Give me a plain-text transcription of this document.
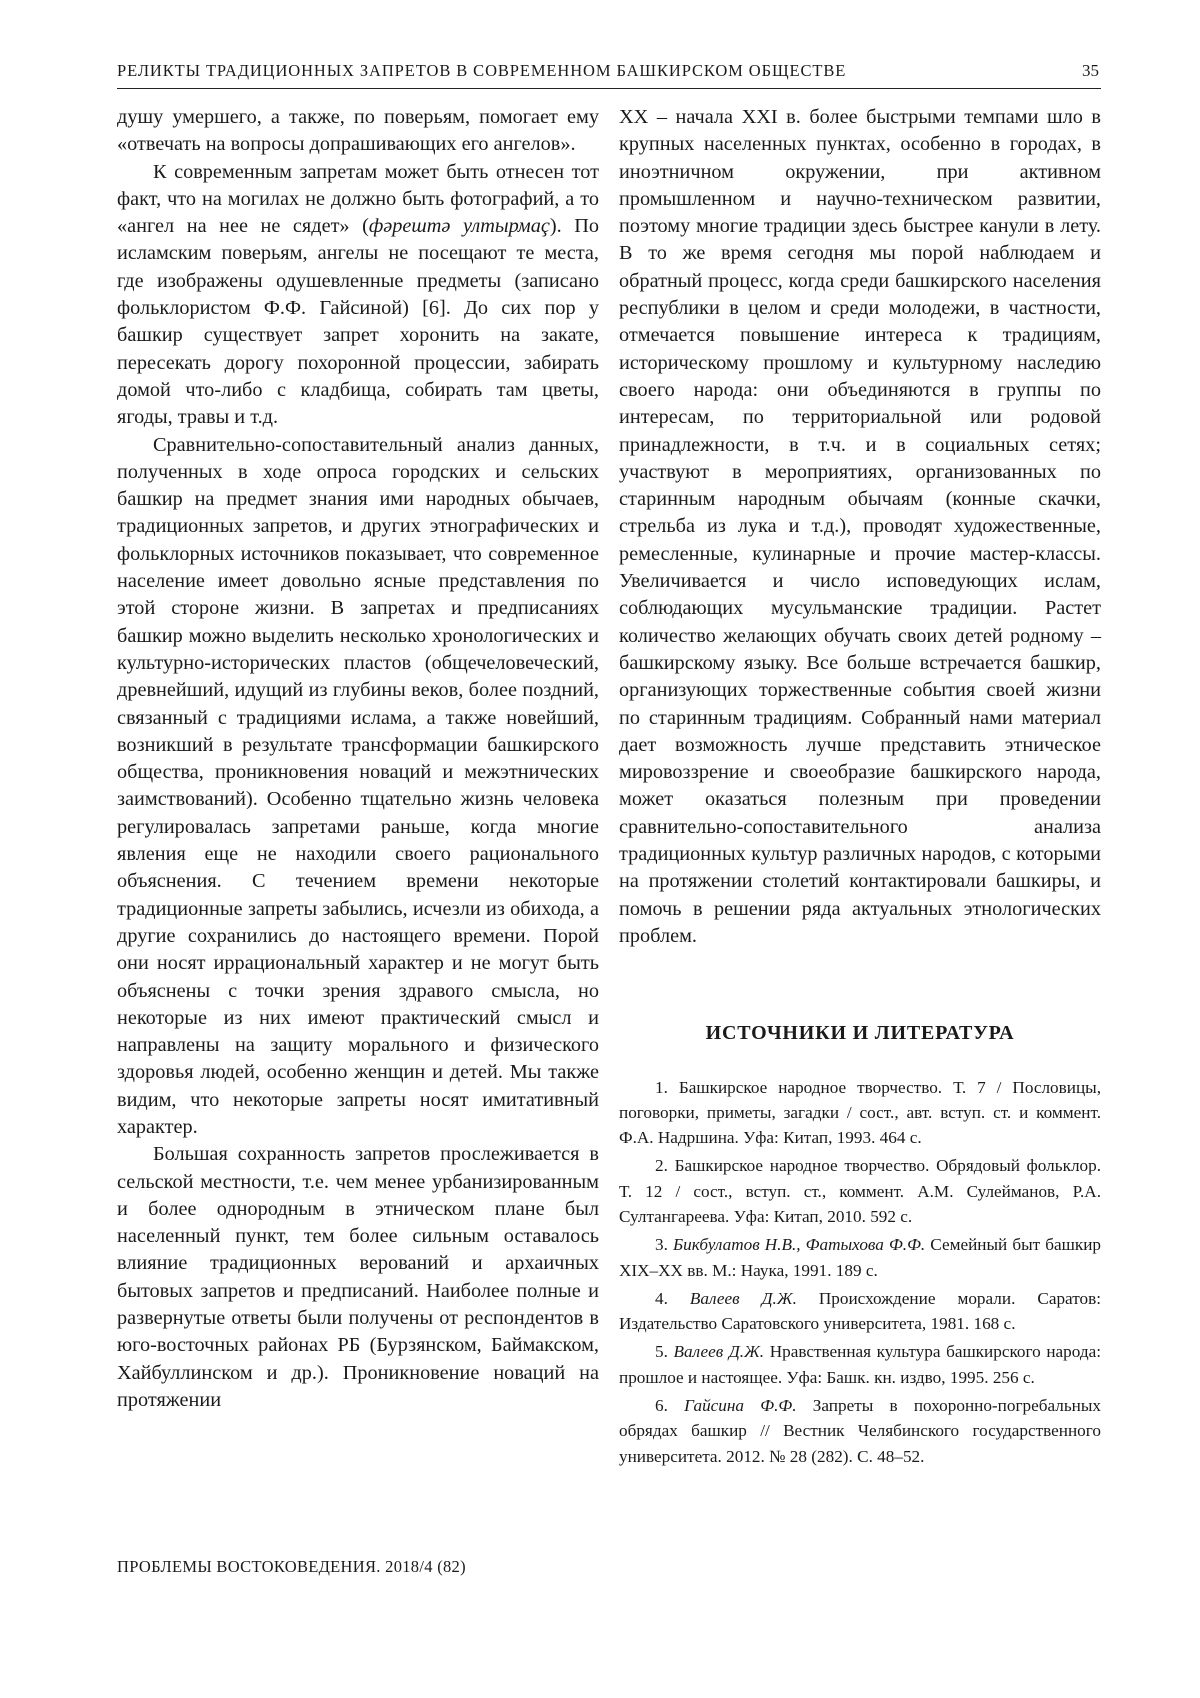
РЕЛИКТЫ ТРАДИЦИОННЫХ ЗАПРЕТОВ В СОВРЕМЕННОМ БАШКИРСКОМ ОБЩЕСТВЕ	35

душу умершего, а также, по поверьям, помогает ему «отвечать на вопросы допрашивающих его ангелов».

К современным запретам может быть отнесен тот факт, что на могилах не должно быть фотографий, а то «ангел на нее не сядет» (фәрештә ултырмаç). По исламским поверьям, ангелы не посещают те места, где изображены одушевленные предметы (записано фольклористом Ф.Ф. Гайсиной) [6]. До сих пор у башкир существует запрет хоронить на закате, пересекать дорогу похоронной процессии, забирать домой что-либо с кладбища, собирать там цветы, ягоды, травы и т.д.

Сравнительно-сопоставительный анализ данных, полученных в ходе опроса городских и сельских башкир на предмет знания ими народных обычаев, традиционных запретов, и других этнографических и фольклорных источников показывает, что современное население имеет довольно ясные представления по этой стороне жизни. В запретах и предписаниях башкир можно выделить несколько хронологических и культурно-исторических пластов (общечеловеческий, древнейший, идущий из глубины веков, более поздний, связанный с традициями ислама, а также новейший, возникший в результате трансформации башкирского общества, проникновения новаций и межэтнических заимствований). Особенно тщательно жизнь человека регулировалась запретами раньше, когда многие явления еще не находили своего рационального объяснения. С течением времени некоторые традиционные запреты забылись, исчезли из обихода, а другие сохранились до настоящего времени. Порой они носят иррациональный характер и не могут быть объяснены с точки зрения здравого смысла, но некоторые из них имеют практический смысл и направлены на защиту морального и физического здоровья людей, особенно женщин и детей. Мы также видим, что некоторые запреты носят имитативный характер.

Большая сохранность запретов прослеживается в сельской местности, т.е. чем менее урбанизированным и более однородным в этническом плане был населенный пункт, тем более сильным оставалось влияние традиционных верований и архаичных бытовых запретов и предписаний. Наиболее полные и развернутые ответы были получены от респондентов в юго-восточных районах РБ (Бурзянском, Баймакском, Хайбуллинском и др.). Проникновение новаций на протяжении

XX – начала XXI в. более быстрыми темпами шло в крупных населенных пунктах, особенно в городах, в иноэтничном окружении, при активном промышленном и научно-техническом развитии, поэтому многие традиции здесь быстрее канули в лету. В то же время сегодня мы порой наблюдаем и обратный процесс, когда среди башкирского населения республики в целом и среди молодежи, в частности, отмечается повышение интереса к традициям, историческому прошлому и культурному наследию своего народа: они объединяются в группы по интересам, по территориальной или родовой принадлежности, в т.ч. и в социальных сетях; участвуют в мероприятиях, организованных по старинным народным обычаям (конные скачки, стрельба из лука и т.д.), проводят художественные, ремесленные, кулинарные и прочие мастер-классы. Увеличивается и число исповедующих ислам, соблюдающих мусульманские традиции. Растет количество желающих обучать своих детей родному – башкирскому языку. Все больше встречается башкир, организующих торжественные события своей жизни по старинным традициям. Собранный нами материал дает возможность лучше представить этническое мировоззрение и своеобразие башкирского народа, может оказаться полезным при проведении сравнительно-сопоставительного анализа традиционных культур различных народов, с которыми на протяжении столетий контактировали башкиры, и помочь в решении ряда актуальных этнологических проблем.

ИСТОЧНИКИ И ЛИТЕРАТУРА

1. Башкирское народное творчество. Т. 7 / Пословицы, поговорки, приметы, загадки / сост., авт. вступ. ст. и коммент. Ф.А. Надршина. Уфа: Китап, 1993. 464 с.

2. Башкирское народное творчество. Обрядовый фольклор. Т. 12 / сост., вступ. ст., коммент. А.М. Сулейманов, Р.А. Султангареева. Уфа: Китап, 2010. 592 с.

3. Бикбулатов Н.В., Фатыхова Ф.Ф. Семейный быт башкир XIX–XX вв. М.: Наука, 1991. 189 с.

4. Валеев Д.Ж. Происхождение морали. Саратов: Издательство Саратовского университета, 1981. 168 с.

5. Валеев Д.Ж. Нравственная культура башкирского народа: прошлое и настоящее. Уфа: Башк. кн. издво, 1995. 256 с.

6. Гайсина Ф.Ф. Запреты в похоронно-погребальных обрядах башкир // Вестник Челябинского государственного университета. 2012. № 28 (282). С. 48–52.

ПРОБЛЕМЫ ВОСТОКОВЕДЕНИЯ. 2018/4 (82)
